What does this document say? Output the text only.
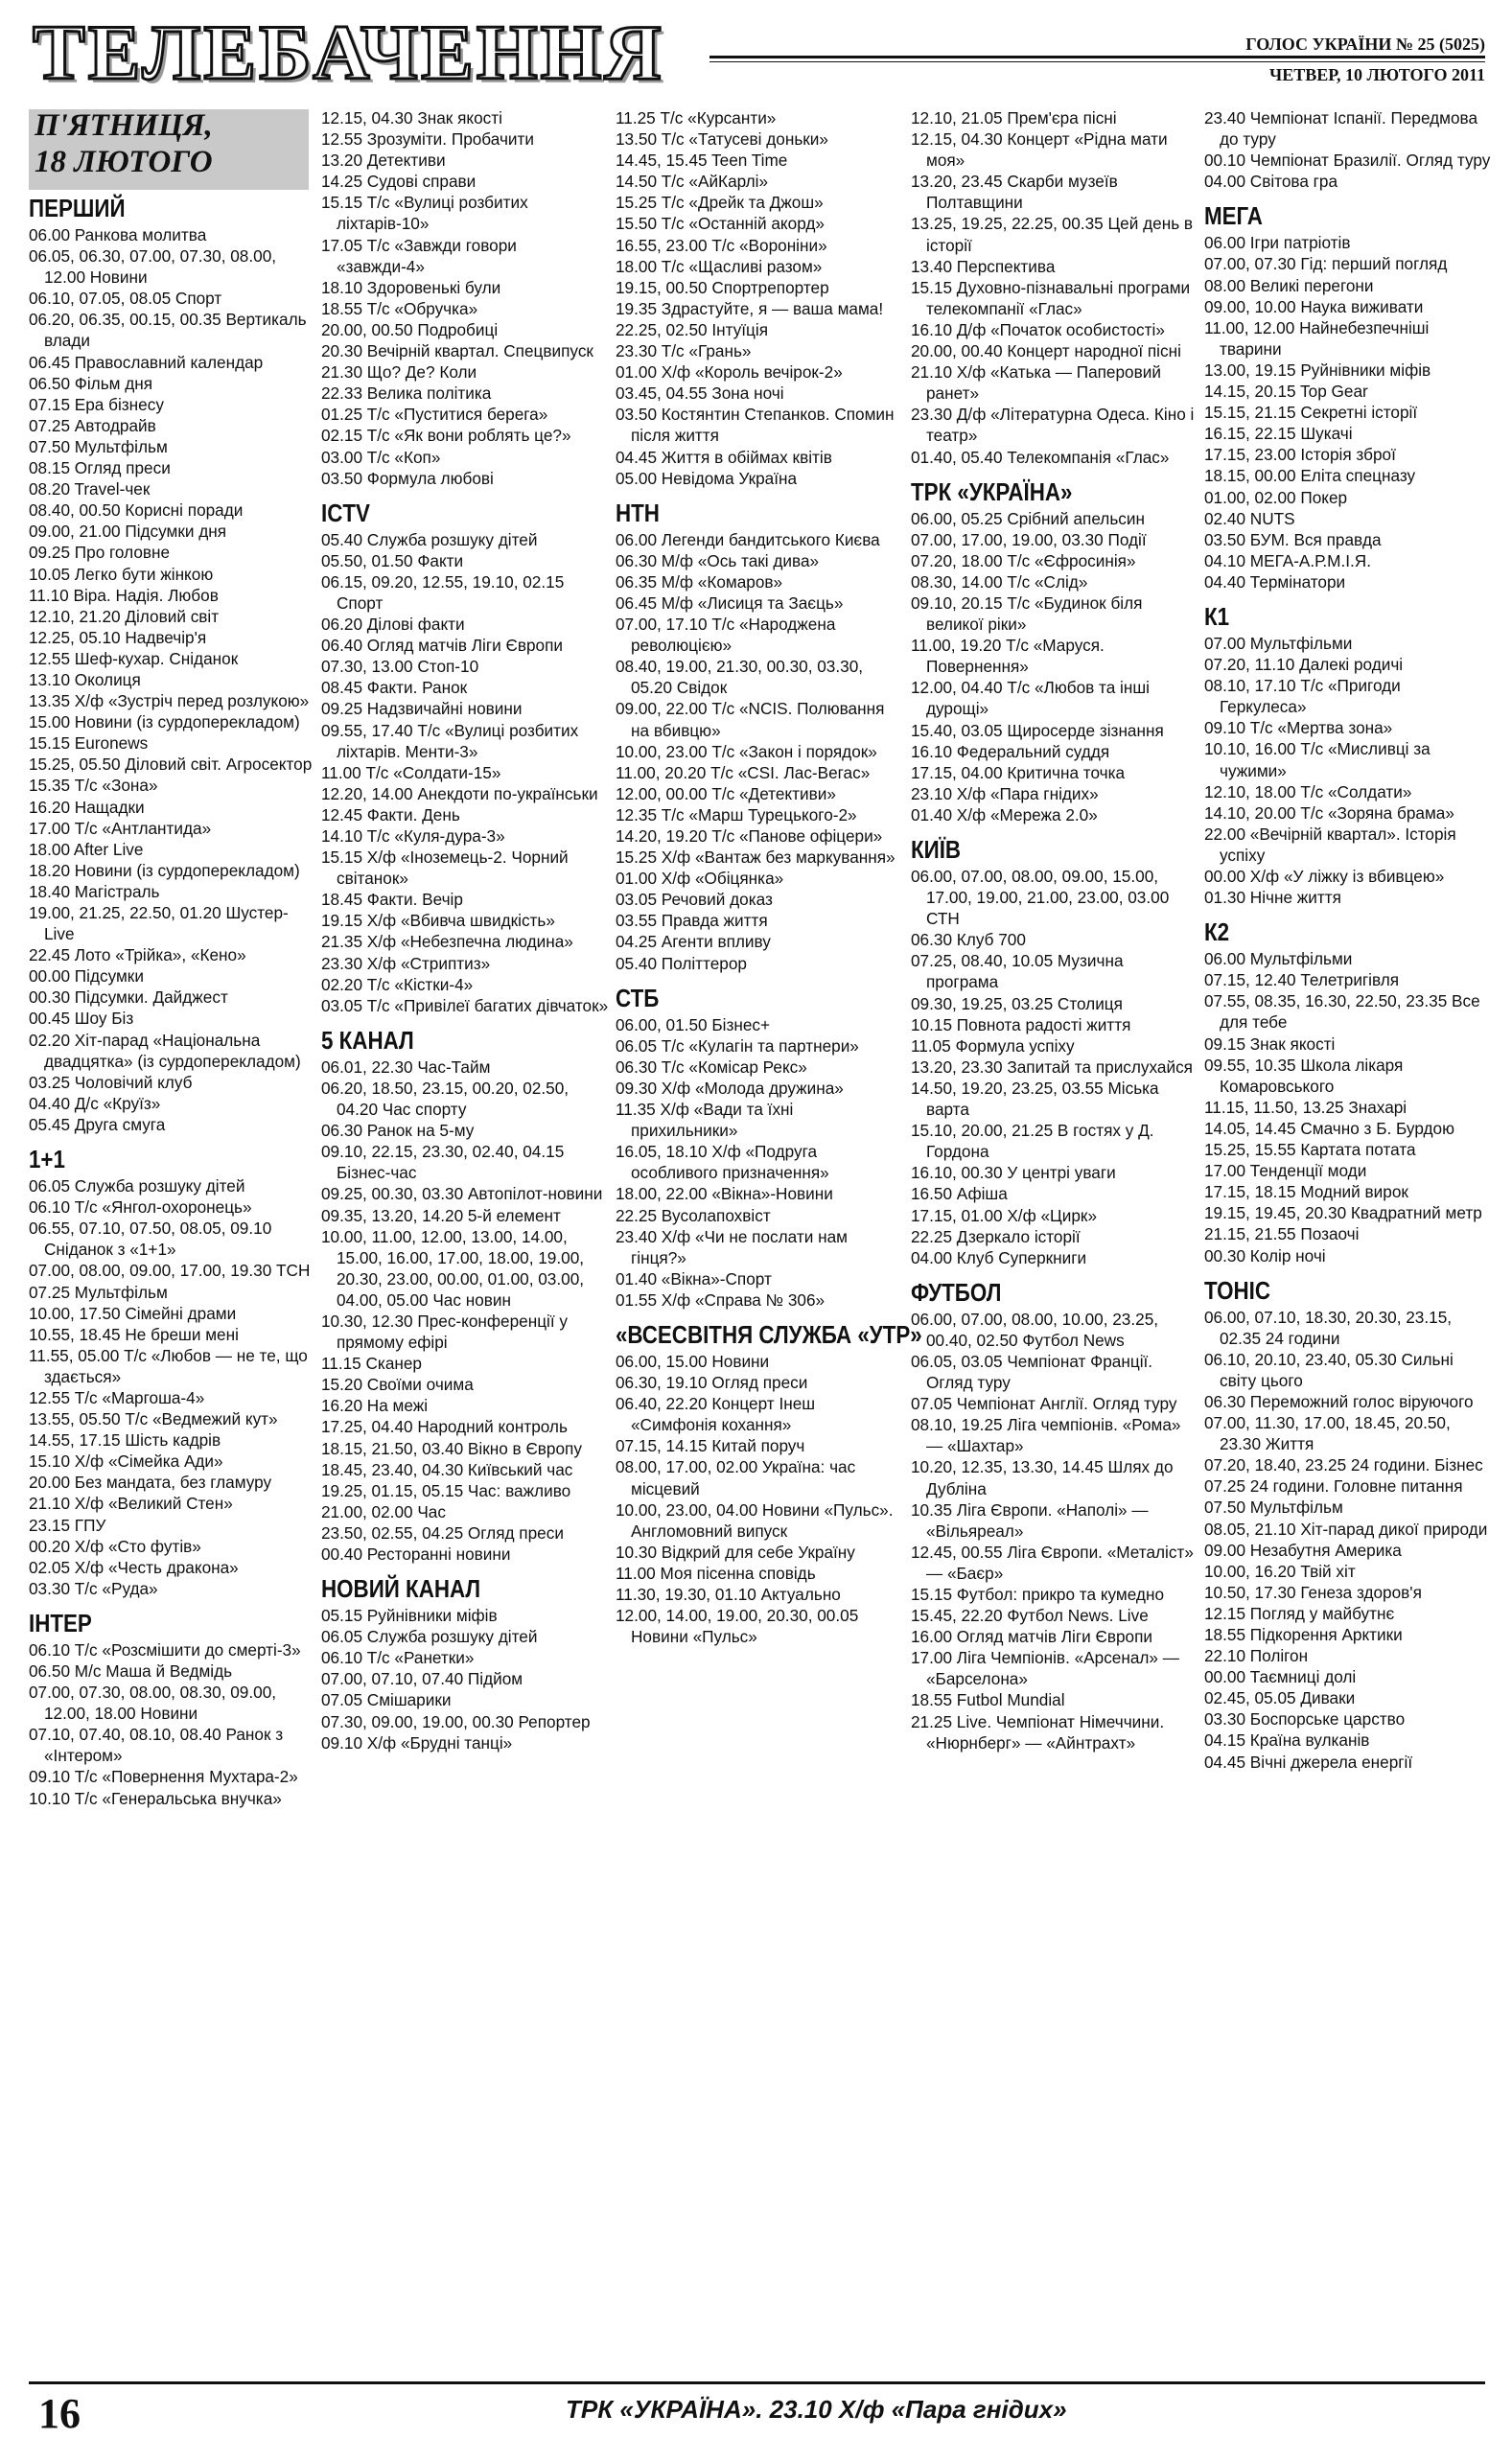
ТЕЛЕБАЧЕННЯ	ГОЛОС УКРАЇНИ № 25 (5025)
ЧЕТВЕР, 10 ЛЮТОГО 2011
П'ЯТНИЦЯ,
18 ЛЮТОГО
ПЕРШИЙ
06.00 Ранкова молитва
06.05, 06.30, 07.00, 07.30, 08.00, 12.00 Новини
06.10, 07.05, 08.05 Спорт
06.20, 06.35, 00.15, 00.35 Вертикаль влади
06.45 Православний календар
06.50 Фільм дня
07.15 Ера бізнесу
07.25 Автодрайв
07.50 Мультфільм
08.15 Огляд преси
08.20 Travel-чек
08.40, 00.50 Корисні поради
09.00, 21.00 Підсумки дня
09.25 Про головне
10.05 Легко бути жінкою
11.10 Віра. Надія. Любов
12.10, 21.20 Діловий світ
12.25, 05.10 Надвечір'я
12.55 Шеф-кухар. Сніданок
13.10 Околиця
13.35 Х/ф «Зустріч перед розлукою»
15.00 Новини (із сурдоперекладом)
15.15 Euronews
15.25, 05.50 Діловий світ. Агросектор
15.35 Т/с «Зона»
16.20 Нащадки
17.00 Т/с «Антлантида»
18.00 After Live
18.20 Новини (із сурдоперекладом)
18.40 Магістраль
19.00, 21.25, 22.50, 01.20 Шустер-Live
22.45 Лото «Трійка», «Кено»
00.00 Підсумки
00.30 Підсумки. Дайджест
00.45 Шоу Біз
02.20 Хіт-парад «Національна двадцятка» (із сурдоперекладом)
03.25 Чоловічий клуб
04.40 Д/с «Круїз»
05.45 Друга смуга
1+1
06.05 Служба розшуку дітей
06.10 Т/с «Янгол-охоронець»
06.55, 07.10, 07.50, 08.05, 09.10 Сніданок з «1+1»
07.00, 08.00, 09.00, 17.00, 19.30 ТСН
07.25 Мультфільм
10.00, 17.50 Сімейні драми
10.55, 18.45 Не бреши мені
11.55, 05.00 Т/с «Любов — не те, що здається»
12.55 Т/с «Маргоша-4»
13.55, 05.50 Т/с «Ведмежий кут»
14.55, 17.15 Шість кадрів
15.10 Х/ф «Сімейка Ади»
20.00 Без мандата, без гламуру
21.10 Х/ф «Великий Стен»
23.15 ГПУ
00.20 Х/ф «Сто футів»
02.05 Х/ф «Честь дракона»
03.30 Т/с «Руда»
ІНТЕР
06.10 Т/с «Розсмішити до смерті-3»
06.50 М/с Маша й Ведмідь
07.00, 07.30, 08.00, 08.30, 09.00, 12.00, 18.00 Новини
07.10, 07.40, 08.10, 08.40 Ранок з «Інтером»
09.10 Т/с «Повернення Мухтара-2»
10.10 Т/с «Генеральська внучка»
12.15, 04.30 Знак якості
12.55 Зрозуміти. Пробачити
13.20 Детективи
14.25 Судові справи
15.15 Т/с «Вулиці розбитих ліхтарів-10»
17.05 Т/с «Завжди говори «завжди-4»
18.10 Здоровенькі були
18.55 Т/с «Обручка»
20.00, 00.50 Подробиці
20.30 Вечірній квартал. Спецвипуск
21.30 Що? Де? Коли
22.33 Велика політика
01.25 Т/с «Пуститися берега»
02.15 Т/с «Як вони роблять це?»
03.00 Т/с «Коп»
03.50 Формула любові
ICTV
05.40 Служба розшуку дітей
05.50, 01.50 Факти
06.15, 09.20, 12.55, 19.10, 02.15 Спорт
06.20 Ділові факти
06.40 Огляд матчів Ліги Європи
07.30, 13.00 Стоп-10
08.45 Факти. Ранок
09.25 Надзвичайні новини
09.55, 17.40 Т/с «Вулиці розбитих ліхтарів. Менти-3»
11.00 Т/с «Солдати-15»
12.20, 14.00 Анекдоти по-українськи
12.45 Факти. День
14.10 Т/с «Куля-дура-3»
15.15 Х/ф «Іноземець-2. Чорний світанок»
18.45 Факти. Вечір
19.15 Х/ф «Вбивча швидкість»
21.35 Х/ф «Небезпечна людина»
23.30 Х/ф «Стриптиз»
02.20 Т/с «Кістки-4»
03.05 Т/с «Привілеї багатих дівчаток»
5 КАНАЛ
06.01, 22.30 Час-Тайм
06.20, 18.50, 23.15, 00.20, 02.50, 04.20 Час спорту
06.30 Ранок на 5-му
09.10, 22.15, 23.30, 02.40, 04.15 Бізнес-час
09.25, 00.30, 03.30 Автопілот-новини
09.35, 13.20, 14.20 5-й елемент
10.00, 11.00, 12.00, 13.00, 14.00, 15.00, 16.00, 17.00, 18.00, 19.00, 20.30, 23.00, 00.00, 01.00, 03.00, 04.00, 05.00 Час новин
10.30, 12.30 Прес-конференції у прямому ефірі
11.15 Сканер
15.20 Своїми очима
16.20 На межі
17.25, 04.40 Народний контроль
18.15, 21.50, 03.40 Вікно в Європу
18.45, 23.40, 04.30 Київський час
19.25, 01.15, 05.15 Час: важливо
21.00, 02.00 Час
23.50, 02.55, 04.25 Огляд преси
00.40 Ресторанні новини
НОВИЙ КАНАЛ
05.15 Руйнівники міфів
06.05 Служба розшуку дітей
06.10 Т/с «Ранетки»
07.00, 07.10, 07.40 Підйом
07.05 Смішарики
07.30, 09.00, 19.00, 00.30 Репортер
09.10 Х/ф «Брудні танці»
11.25 Т/с «Курсанти»
13.50 Т/с «Татусеві доньки»
14.45, 15.45 Teen Time
14.50 Т/с «АйКарлі»
15.25 Т/с «Дрейк та Джош»
15.50 Т/с «Останній акорд»
16.55, 23.00 Т/с «Вороніни»
18.00 Т/с «Щасливі разом»
19.15, 00.50 Спортрепортер
19.35 Здрастуйте, я — ваша мама!
22.25, 02.50 Інтуїція
23.30 Т/с «Грань»
01.00 Х/ф «Король вечірок-2»
03.45, 04.55 Зона ночі
03.50 Костянтин Степанков. Спомин після життя
04.45 Життя в обіймах квітів
05.00 Невідома Україна
НТН
06.00 Легенди бандитського Києва
06.30 М/ф «Ось такі дива»
06.35 М/ф «Комаров»
06.45 М/ф «Лисиця та Заєць»
07.00, 17.10 Т/с «Народжена революцією»
08.40, 19.00, 21.30, 00.30, 03.30, 05.20 Свідок
09.00, 22.00 Т/с «NCIS. Полювання на вбивцю»
10.00, 23.00 Т/с «Закон і порядок»
11.00, 20.20 Т/с «CSI. Лас-Вегас»
12.00, 00.00 Т/с «Детективи»
12.35 Т/с «Марш Турецького-2»
14.20, 19.20 Т/с «Панове офіцери»
15.25 Х/ф «Вантаж без маркування»
01.00 Х/ф «Обіцянка»
03.05 Речовий доказ
03.55 Правда життя
04.25 Агенти впливу
05.40 Політтерор
СТБ
06.00, 01.50 Бізнес+
06.05 Т/с «Кулагін та партнери»
06.30 Т/с «Комісар Рекс»
09.30 Х/ф «Молода дружина»
11.35 Х/ф «Вади та їхні прихильники»
16.05, 18.10 Х/ф «Подруга особливого призначення»
18.00, 22.00 «Вікна»-Новини
22.25 Вусолапохвіст
23.40 Х/ф «Чи не послати нам гінця?»
01.40 «Вікна»-Спорт
01.55 Х/ф «Справа № 306»
«ВСЕСВІТНЯ СЛУЖБА «УТР»
06.00, 15.00 Новини
06.30, 19.10 Огляд преси
06.40, 22.20 Концерт Інеш «Симфонія кохання»
07.15, 14.15 Китай поруч
08.00, 17.00, 02.00 Україна: час місцевий
10.00, 23.00, 04.00 Новини «Пульс». Англомовний випуск
10.30 Відкрий для себе Україну
11.00 Моя пісенна сповідь
11.30, 19.30, 01.10 Актуально
12.00, 14.00, 19.00, 20.30, 00.05 Новини «Пульс»
12.10, 21.05 Прем'єра пісні
12.15, 04.30 Концерт «Рідна мати моя»
13.20, 23.45 Скарби музеїв Полтавщини
13.25, 19.25, 22.25, 00.35 Цей день в історії
13.40 Перспектива
15.15 Духовно-пізнавальні програми телекомпанії «Глас»
16.10 Д/ф «Початок особистості»
20.00, 00.40 Концерт народної пісні
21.10 Х/ф «Катька — Паперовий ранет»
23.30 Д/ф «Літературна Одеса. Кіно і театр»
01.40, 05.40 Телекомпанія «Глас»
ТРК «УКРАЇНА»
06.00, 05.25 Срібний апельсин
07.00, 17.00, 19.00, 03.30 Події
07.20, 18.00 Т/с «Єфросинія»
08.30, 14.00 Т/с «Слід»
09.10, 20.15 Т/с «Будинок біля великої ріки»
11.00, 19.20 Т/с «Маруся. Повернення»
12.00, 04.40 Т/с «Любов та інші дурощі»
15.40, 03.05 Щиросерде зізнання
16.10 Федеральний суддя
17.15, 04.00 Критична точка
23.10 Х/ф «Пара гнідих»
01.40 Х/ф «Мережа 2.0»
КИЇВ
06.00, 07.00, 08.00, 09.00, 15.00, 17.00, 19.00, 21.00, 23.00, 03.00 СТН
06.30 Клуб 700
07.25, 08.40, 10.05 Музична програма
09.30, 19.25, 03.25 Столиця
10.15 Повнота радості життя
11.05 Формула успіху
13.20, 23.30 Запитай та прислухайся
14.50, 19.20, 23.25, 03.55 Міська варта
15.10, 20.00, 21.25 В гостях у Д. Гордона
16.10, 00.30 У центрі уваги
16.50 Афіша
17.15, 01.00 Х/ф «Цирк»
22.25 Дзеркало історії
04.00 Клуб Суперкниги
ФУТБОЛ
06.00, 07.00, 08.00, 10.00, 23.25, 00.40, 02.50 Футбол News
06.05, 03.05 Чемпіонат Франції. Огляд туру
07.05 Чемпіонат Англії. Огляд туру
08.10, 19.25 Ліга чемпіонів. «Рома» — «Шахтар»
10.20, 12.35, 13.30, 14.45 Шлях до Дубліна
10.35 Ліга Європи. «Наполі» — «Вільяреал»
12.45, 00.55 Ліга Європи. «Металіст» — «Баєр»
15.15 Футбол: прикро та кумедно
15.45, 22.20 Футбол News. Live
16.00 Огляд матчів Ліги Європи
17.00 Ліга Чемпіонів. «Арсенал» — «Барселона»
18.55 Futbol Mundial
21.25 Live. Чемпіонат Німеччини. «Нюрнберг» — «Айнтрахт»
23.40 Чемпіонат Іспанії. Передмова до туру
00.10 Чемпіонат Бразилії. Огляд туру
04.00 Світова гра
МЕГА
06.00 Ігри патріотів
07.00, 07.30 Гід: перший погляд
08.00 Великі перегони
09.00, 10.00 Наука виживати
11.00, 12.00 Найнебезпечніші тварини
13.00, 19.15 Руйнівники міфів
14.15, 20.15 Top Gear
15.15, 21.15 Секретні історії
16.15, 22.15 Шукачі
17.15, 23.00 Історія зброї
18.15, 00.00 Еліта спецназу
01.00, 02.00 Покер
02.40 NUTS
03.50 БУМ. Вся правда
04.10 МЕГА-А.Р.М.І.Я.
04.40 Термінатори
К1
07.00 Мультфільми
07.20, 11.10 Далекі родичі
08.10, 17.10 Т/с «Пригоди Геркулеса»
09.10 Т/с «Мертва зона»
10.10, 16.00 Т/с «Мисливці за чужими»
12.10, 18.00 Т/с «Солдати»
14.10, 20.00 Т/с «Зоряна брама»
22.00 «Вечірній квартал». Історія успіху
00.00 Х/ф «У ліжку із вбивцею»
01.30 Нічне життя
К2
06.00 Мультфільми
07.15, 12.40 Телетригівля
07.55, 08.35, 16.30, 22.50, 23.35 Все для тебе
09.15 Знак якості
09.55, 10.35 Школа лікаря Комаровського
11.15, 11.50, 13.25 Знахарі
14.05, 14.45 Смачно з Б. Бурдою
15.25, 15.55 Картата потата
17.00 Тенденції моди
17.15, 18.15 Модний вирок
19.15, 19.45, 20.30 Квадратний метр
21.15, 21.55 Позаочі
00.30 Колір ночі
ТОНІС
06.00, 07.10, 18.30, 20.30, 23.15, 02.35 24 години
06.10, 20.10, 23.40, 05.30 Сильні світу цього
06.30 Переможний голос віруючого
07.00, 11.30, 17.00, 18.45, 20.50, 23.30 Життя
07.20, 18.40, 23.25 24 години. Бізнес
07.25 24 години. Головне питання
07.50 Мультфільм
08.05, 21.10 Хіт-парад дикої природи
09.00 Незабутня Америка
10.00, 16.20 Твій хіт
10.50, 17.30 Генеза здоров'я
12.15 Погляд у майбутнє
18.55 Підкорення Арктики
22.10 Полігон
00.00 Таємниці долі
02.45, 05.05 Диваки
03.30 Боспорське царство
04.15 Країна вулканів
04.45 Вічні джерела енергії
16	ТРК «УКРАЇНА». 23.10 Х/ф «Пара гнідих»
